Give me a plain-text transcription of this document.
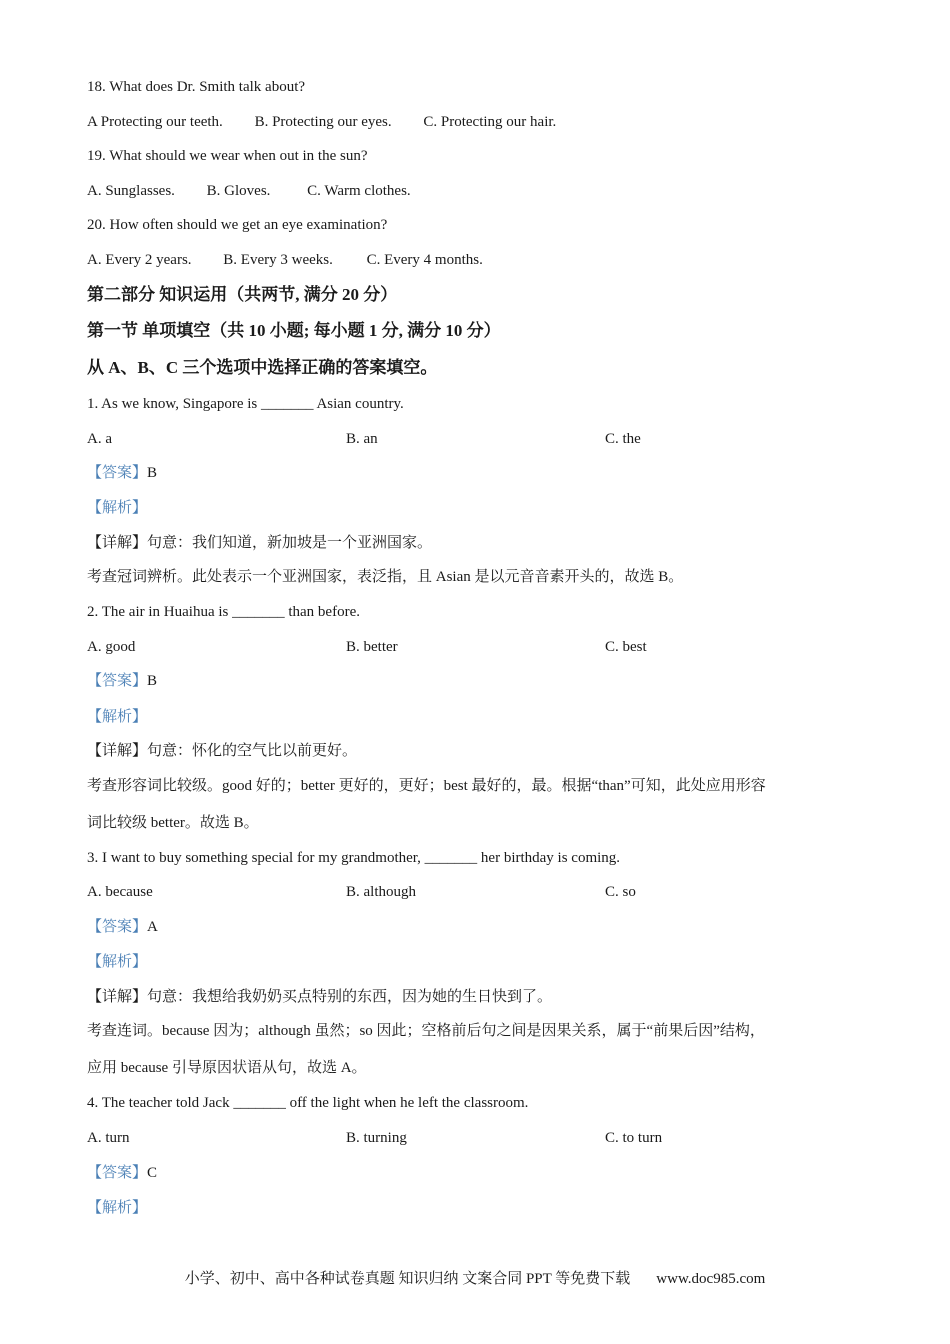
18. What does Dr. Smith talk about?
A Protecting our teeth. B. Protecting our eyes. C. Protecting our hair.
19. What should we wear when out in the sun?
A. Sunglasses. B. Gloves. C. Warm clothes.
20. How often should we get an eye examination?
A. Every 2 years. B. Every 3 weeks. C. Every 4 months.
第二部分 知识运用（共两节, 满分 20 分）
第一节 单项填空（共 10 小题; 每小题 1 分, 满分 10 分）
从 A、B、C 三个选项中选择正确的答案填空。
1. As we know, Singapore is _______ Asian country.
A. a	B. an	C. the
【答案】B
【解析】
【详解】句意：我们知道，新加坡是一个亚洲国家。
考查冠词辨析。此处表示一个亚洲国家，表泛指，且 Asian 是以元音音素开头的，故选 B。
2. The air in Huaihua is _______ than before.
A. good	B. better	C. best
【答案】B
【解析】
【详解】句意：怀化的空气比以前更好。
考查形容词比较级。good 好的；better 更好的，更好；best 最好的，最。根据“than”可知，此处应用形容
词比较级 better。故选 B。
3. I want to buy something special for my grandmother, _______ her birthday is coming.
A. because	B. although	C. so
【答案】A
【解析】
【详解】句意：我想给我奶奶买点特别的东西，因为她的生日快到了。
考查连词。because 因为；although 虽然；so 因此；空格前后句之间是因果关系，属于“前果后因”结构，
应用 because 引导原因状语从句，故选 A。
4. The teacher told Jack _______ off the light when he left the classroom.
A. turn	B. turning	C. to turn
【答案】C
【解析】
小学、初中、高中各种试卷真题 知识归纳 文案合同 PPT 等免费下载 www.doc985.com
